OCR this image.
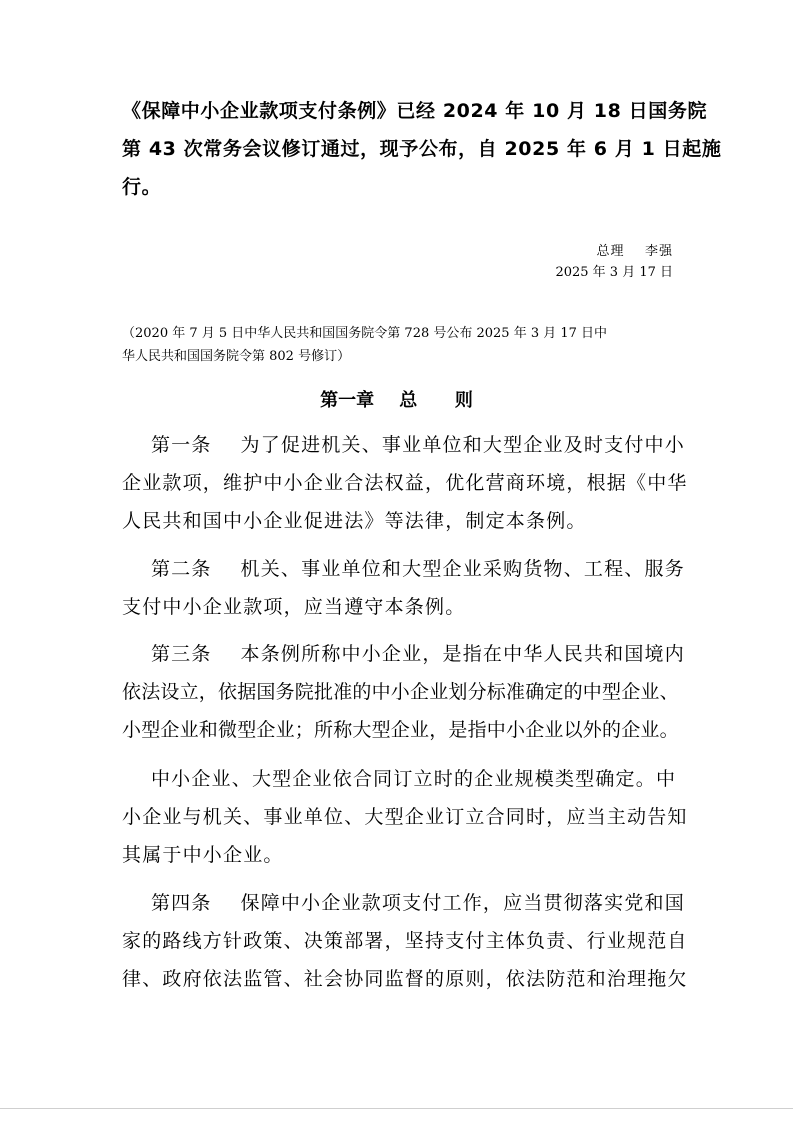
《保障中小企业款项支付条例》已经 2024 年 10 月 18 日国务院
第 43 次常务会议修订通过，现予公布，自 2025 年 6 月 1 日起施
行。

总理    李强
2025 年 3 月 17 日

（2020 年 7 月 5 日中华人民共和国国务院令第 728 号公布 2025 年 3 月 17 日中
华人民共和国国务院令第 802 号修订）

第一章    总      则

第一条    为了促进机关、事业单位和大型企业及时支付中小
企业款项，维护中小企业合法权益，优化营商环境，根据《中华
人民共和国中小企业促进法》等法律，制定本条例。

第二条    机关、事业单位和大型企业采购货物、工程、服务
支付中小企业款项，应当遵守本条例。

第三条    本条例所称中小企业，是指在中华人民共和国境内
依法设立，依据国务院批准的中小企业划分标准确定的中型企业、
小型企业和微型企业；所称大型企业，是指中小企业以外的企业。

中小企业、大型企业依合同订立时的企业规模类型确定。中
小企业与机关、事业单位、大型企业订立合同时，应当主动告知
其属于中小企业。

第四条    保障中小企业款项支付工作，应当贯彻落实党和国
家的路线方针政策、决策部署，坚持支付主体负责、行业规范自
律、政府依法监管、社会协同监督的原则，依法防范和治理拖欠
